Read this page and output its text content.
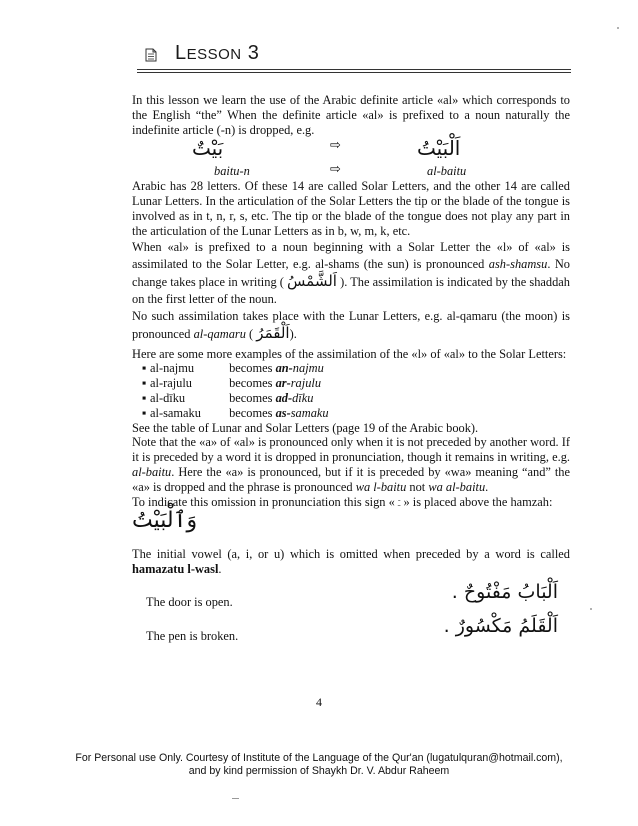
LESSON 3

In this lesson we learn the use of the Arabic definite article «al» which corresponds to the English “the” When the definite article «al» is prefixed to a noun naturally the indefinite article (-n) is dropped, e.g.

بَيْتٌ	⇨	اَلْبَيْتُ
baitu-n	⇨	al-baitu

Arabic has 28 letters. Of these 14 are called Solar Letters, and the other 14 are called Lunar Letters. In the articulation of the Solar Letters the tip or the blade of the tongue is involved as in t, n, r, s, etc. The tip or the blade of the tongue does not play any part in the articulation of the Lunar Letters as in b, w, m, k, etc.

When «al» is prefixed to a noun beginning with a Solar Letter the «l» of «al» is assimilated to the Solar Letter, e.g. al-shams (the sun) is pronounced ash-shamsu. No change takes place in writing ( اَلشَّمْسُ ). The assimilation is indicated by the shaddah on the first letter of the noun.

No such assimilation takes place with the Lunar Letters, e.g. al-qamaru (the moon) is pronounced al-qamaru ( اَلْقَمَرُ).

Here are some more examples of the assimilation of the «l» of «al» to the Solar Letters:

▪ al-najmu	becomes an-najmu
▪ al-rajulu	becomes ar-rajulu
▪ al-dīku	becomes ad-dīku
▪ al-samaku becomes as-samaku

See the table of Lunar and Solar Letters (page 19 of the Arabic book).

Note that the «a» of «al» is pronounced only when it is not preceded by another word. If it is preceded by a word it is dropped in pronunciation, though it remains in writing, e.g. al-baitu. Here the «a» is pronounced, but if it is preceded by «wa» meaning “and” the «a» is dropped and the phrase is pronounced wa l-baitu not wa al-baitu.

To indicate this omission in pronunciation this sign « ـٙ » is placed above the hamzah:

وَٱلْبَيْتُ

The initial vowel (a, i, or u) which is omitted when preceded by a word is called hamazatu l-wasl.

The door is open.	اَلْبَابُ مَفْتُوحٌ .
The pen is broken.	اَلْقَلَمُ مَكْسُورٌ .
4
For Personal use Only. Courtesy of Institute of the Language of the Qur'an (lugatulquran@hotmail.com),
and by kind permission of Shaykh Dr. V. Abdur Raheem
